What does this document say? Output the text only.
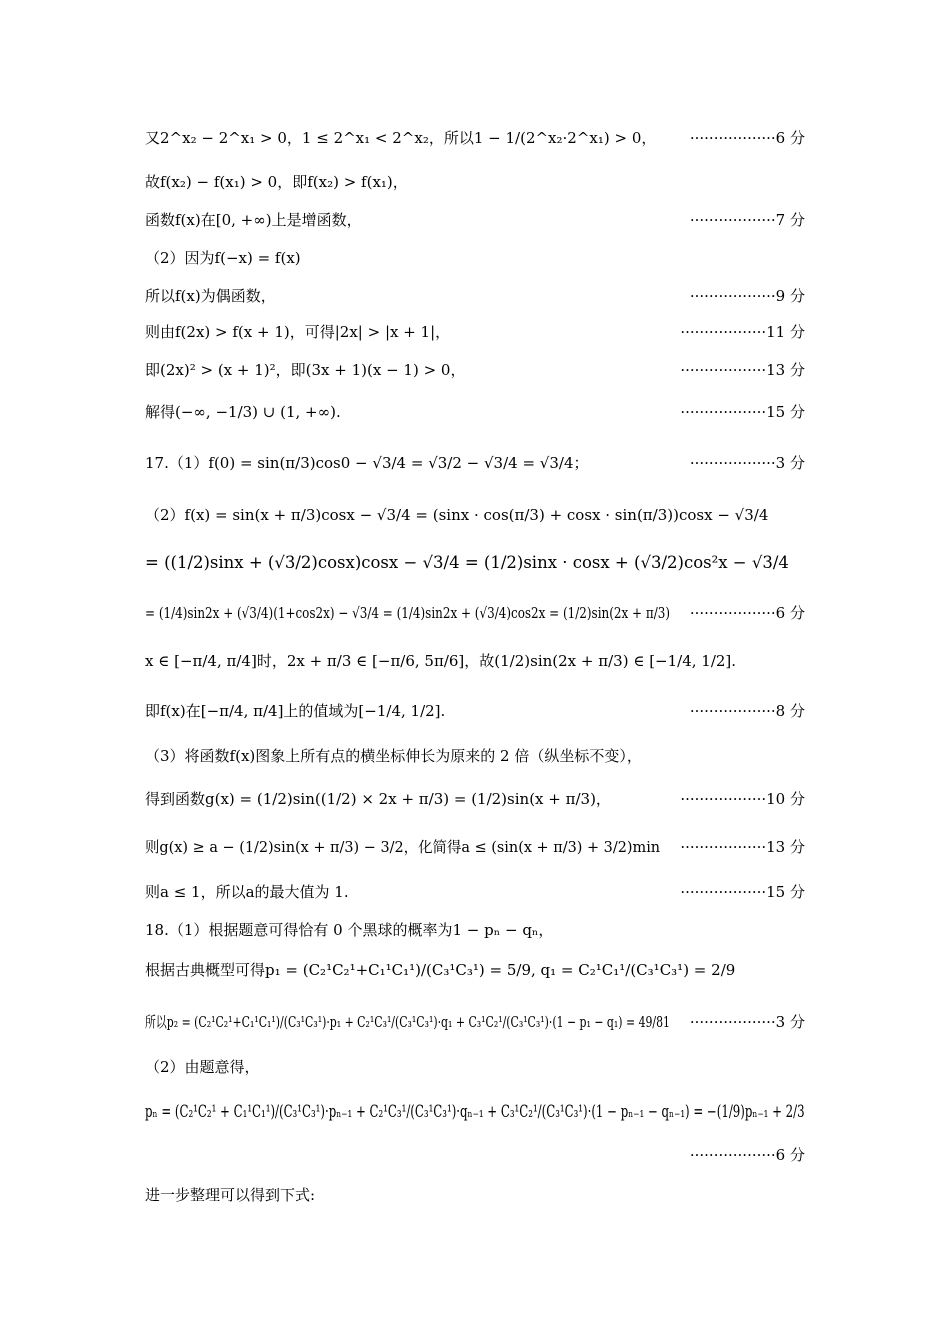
又2^x₂ − 2^x₁ > 0，1 ≤ 2^x₁ < 2^x₂，所以1 − 1/(2^x₂·2^x₁) > 0， ··················6 分
故f(x₂) − f(x₁) > 0，即f(x₂) > f(x₁)，
函数f(x)在[0, +∞)上是增函数，	··················7 分
（2）因为f(−x) = f(x)
所以f(x)为偶函数，	··················9 分
则由f(2x) > f(x + 1)，可得|2x| > |x + 1|，	··················11 分
即(2x)² > (x + 1)²，即(3x + 1)(x − 1) > 0，	··················13 分
解得(−∞, −1/3) ∪ (1, +∞).	··················15 分
17.（1）f(0) = sin(π/3)cos0 − √3/4 = √3/2 − √3/4 = √3/4；	··················3 分
（2）f(x) = sin(x + π/3)cosx − √3/4 = (sinx · cos(π/3) + cosx · sin(π/3))cosx − √3/4
= ((1/2)sinx + (√3/2)cosx)cosx − √3/4 = (1/2)sinx · cosx + (√3/2)cos²x − √3/4
= (1/4)sin2x + (√3/4)(1+cos2x) − √3/4 = (1/4)sin2x + (√3/4)cos2x = (1/2)sin(2x + π/3) ··················6 分
x ∈ [−π/4, π/4]时，2x + π/3 ∈ [−π/6, 5π/6]，故(1/2)sin(2x + π/3) ∈ [−1/4, 1/2].
即f(x)在[−π/4, π/4]上的值域为[−1/4, 1/2].	··················8 分
（3）将函数f(x)图象上所有点的横坐标伸长为原来的 2 倍（纵坐标不变），
得到函数g(x) = (1/2)sin((1/2) × 2x + π/3) = (1/2)sin(x + π/3)，	··················10 分
则g(x) ≥ a − (1/2)sin(x + π/3) − 3/2，化简得a ≤ (sin(x + π/3) + 3/2)min ··················13 分
则a ≤ 1，所以a的最大值为 1.	··················15 分
18.（1）根据题意可得恰有 0 个黑球的概率为1 − pₙ − qₙ，
根据古典概型可得p₁ = (C₂¹C₂¹+C₁¹C₁¹)/(C₃¹C₃¹) = 5/9, q₁ = C₂¹C₁¹/(C₃¹C₃¹) = 2/9
所以p₂ = (C₂¹C₂¹+C₁¹C₁¹)/(C₃¹C₃¹)·p₁ + C₂¹C₃¹/(C₃¹C₃¹)·q₁ + C₃¹C₂¹/(C₃¹C₃¹)·(1 − p₁ − q₁) = 49/81 ··················3 分
（2）由题意得，
pₙ = (C₂¹C₂¹ + C₁¹C₁¹)/(C₃¹C₃¹)·pₙ₋₁ + C₂¹C₃¹/(C₃¹C₃¹)·qₙ₋₁ + C₃¹C₂¹/(C₃¹C₃¹)·(1 − pₙ₋₁ − qₙ₋₁) = −(1/9)pₙ₋₁ + 2/3
··················6 分
进一步整理可以得到下式:
